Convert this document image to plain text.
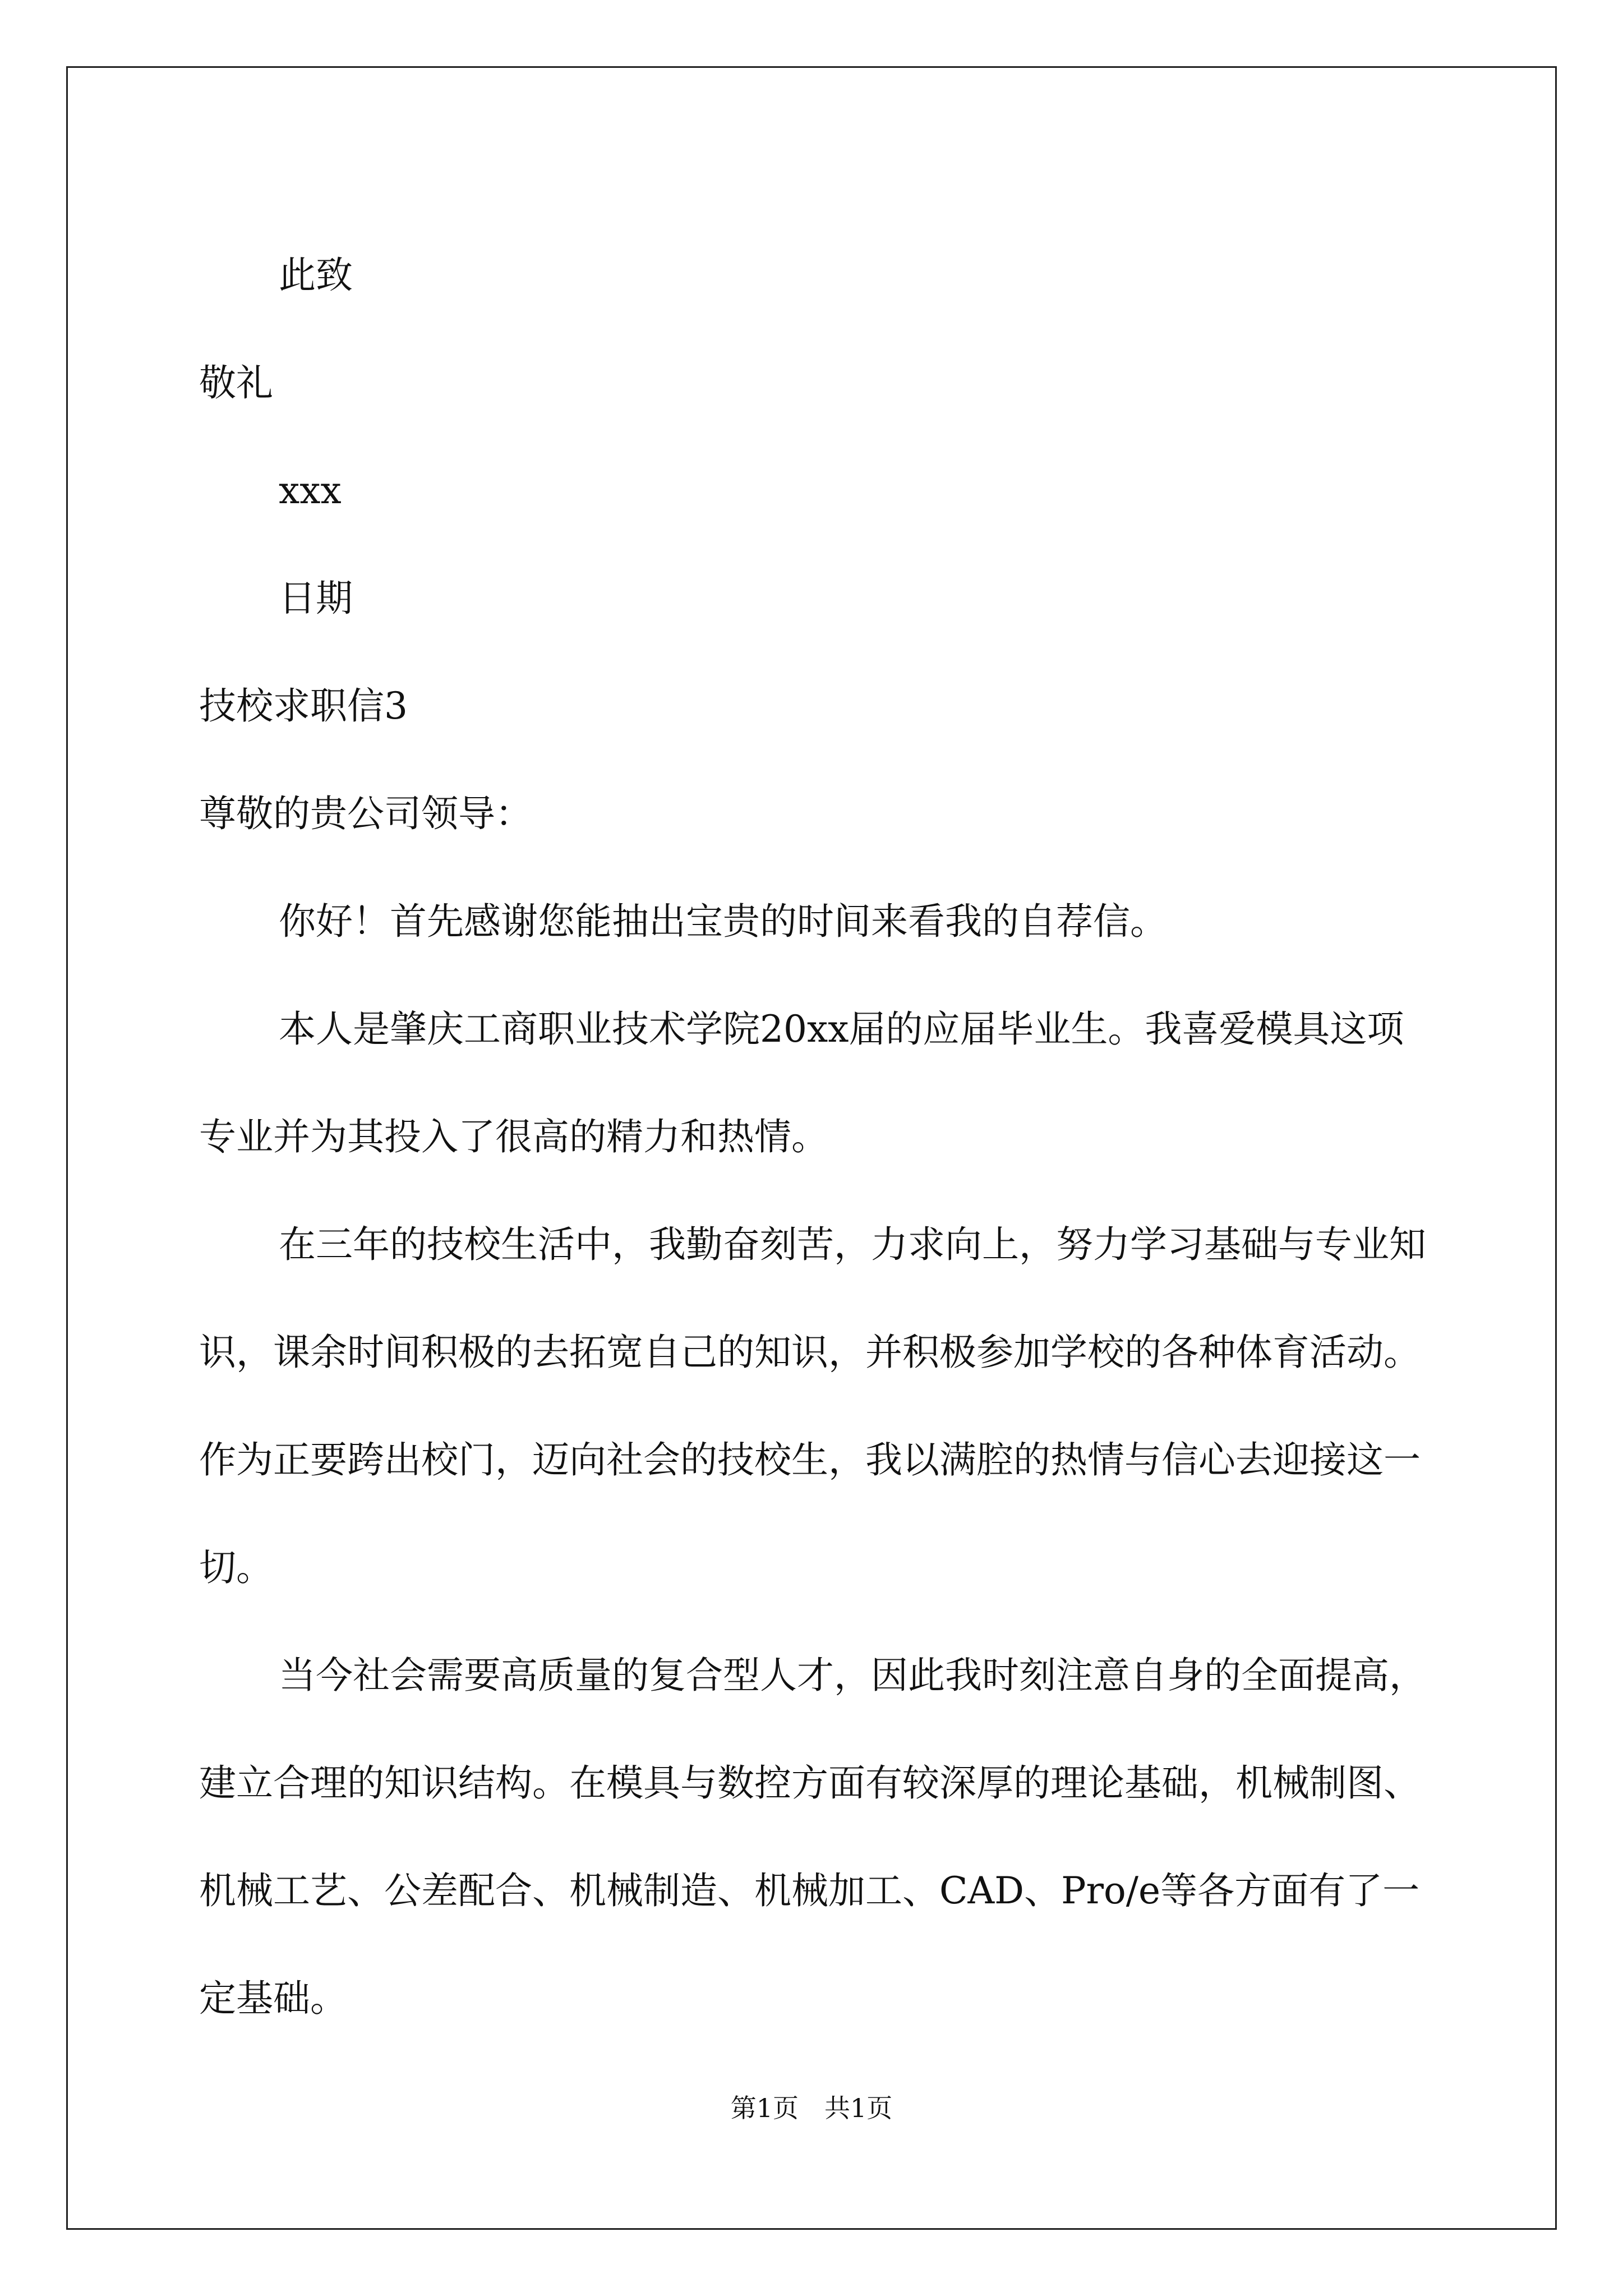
此致

敬礼

xxx

日期

技校求职信3

尊敬的贵公司领导：

你好！首先感谢您能抽出宝贵的时间来看我的自荐信。

本人是肇庆工商职业技术学院20xx届的应届毕业生。我喜爱模具这项专业并为其投入了很高的精力和热情。

在三年的技校生活中，我勤奋刻苦，力求向上，努力学习基础与专业知识，课余时间积极的去拓宽自己的知识，并积极参加学校的各种体育活动。作为正要跨出校门，迈向社会的技校生，我以满腔的热情与信心去迎接这一切。

当今社会需要高质量的复合型人才，因此我时刻注意自身的全面提高，建立合理的知识结构。在模具与数控方面有较深厚的理论基础，机械制图、机械工艺、公差配合、机械制造、机械加工、CAD、Pro/e等各方面有了一定基础。

第1页　共1页
